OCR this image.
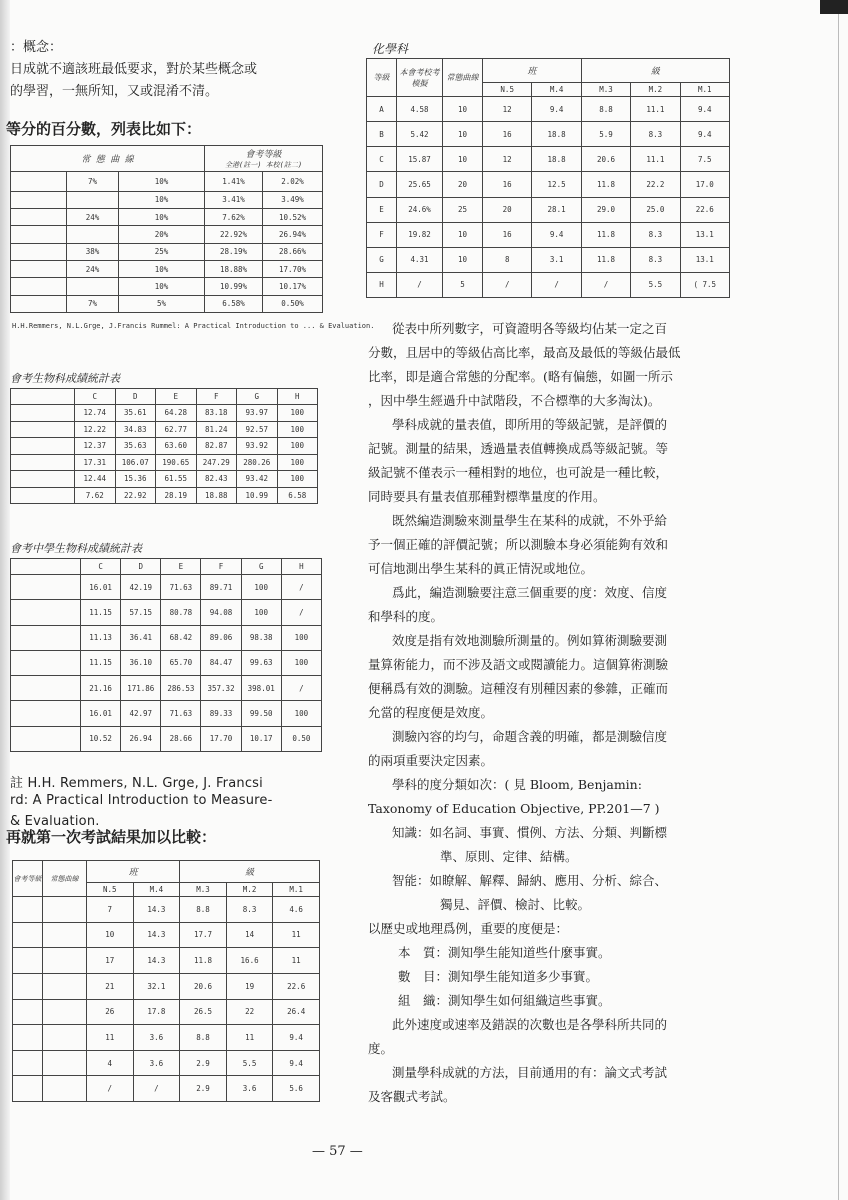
：概念：
日成就不適該班最低要求，對於某些概念或
的學習，一無所知，又或混淆不清。
等分的百分數，列表比如下：
常 態 曲 線			會考等級
全港(註一) 本校(註二)	

	7%	10%	1.41%	2.02%
		10%	3.41%	3.49%
	24%	10%	7.62%	10.52%
		20%	22.92%	26.94%
	38%	25%	28.19%	28.66%
	24%	10%	18.88%	17.70%
		10%	10.99%	10.17%
	7%	5%	6.58%	0.50%
H.H.Remmers, N.L.Grge, J.Francis Rummel: A Practical Introduction to ... & Evaluation.
會考生物科成績統計表
	C	D	E	F	G	H
	12.74	35.61	64.28	83.18	93.97	100
	12.22	34.83	62.77	81.24	92.57	100
	12.37	35.63	63.60	82.87	93.92	100
	17.31	106.07	190.65	247.29	280.26	100
	12.44	15.36	61.55	82.43	93.42	100
	7.62	22.92	28.19	18.88	10.99	6.58
會考中學生物科成績統計表
	C	D	E	F	G	H
	16.01	42.19	71.63	89.71	100	/
	11.15	57.15	80.78	94.08	100	/
	11.13	36.41	68.42	89.06	98.38	100
	11.15	36.10	65.70	84.47	99.63	100
	21.16	171.86	286.53	357.32	398.01	/
	16.01	42.97	71.63	89.33	99.50	100
	10.52	26.94	28.66	17.70	10.17	0.50
註 H.H. Remmers, N.L. Grge, J. Francsi
rd: A Practical Introduction to Measure-
& Evaluation.
再就第一次考試結果加以比較：
會考等級	常態曲線	班		級		
		N.5	M.4	M.3	M.2	M.1
		7	14.3	8.8	8.3	4.6
		10	14.3	17.7	14	11
		17	14.3	11.8	16.6	11
		21	32.1	20.6	19	22.6
		26	17.8	26.5	22	26.4
		11	3.6	8.8	11	9.4
		4	3.6	2.9	5.5	9.4
		/	/	2.9	3.6	5.6
化學科
等級	本會考校考模擬	常態曲線	班		級		
			N.5	M.4	M.3	M.2	M.1
A	4.58	10	12	9.4	8.8	11.1	9.4
B	5.42	10	16	18.8	5.9	8.3	9.4
C	15.87	10	12	18.8	20.6	11.1	7.5
D	25.65	20	16	12.5	11.8	22.2	17.0
E	24.6%	25	20	28.1	29.0	25.0	22.6
F	19.82	10	16	9.4	11.8	8.3	13.1
G	4.31	10	8	3.1	11.8	8.3	13.1
H	/	5	/	/	/	5.5	( 7.5
從表中所列數字，可資證明各等級均佔某一定之百
分數，且居中的等級佔高比率，最高及最低的等級佔最低
比率，即是適合常態的分配率。(略有偏態，如圖一所示
，因中學生經過升中試階段，不合標準的大多淘汰)。
學科成就的量表值，即所用的等級記號，是評價的
記號。測量的結果，透過量表值轉換成爲等級記號。等
級記號不僅表示一種相對的地位，也可說是一種比較，
同時要具有量表值那種對標準量度的作用。
既然編造測驗來測量學生在某科的成就，不外乎給
予一個正確的評價記號；所以測驗本身必須能夠有效和
可信地測出學生某科的眞正情況或地位。
爲此，編造測驗要注意三個重要的度：效度、信度
和學科的度。
效度是指有效地測驗所測量的。例如算術測驗要測
量算術能力，而不涉及語文或閱讀能力。這個算術測驗
便稱爲有效的測驗。這種沒有別種因素的參雜，正確而
允當的程度便是效度。
測驗內容的均勻，命題含義的明確，都是測驗信度
的兩項重要決定因素。
學科的度分類如次：( 見 Bloom, Benjamin:
Taxonomy of Education Objective, PP.201—7 )
知識：如名詞、事實、慣例、方法、分類、判斷標
準、原則、定律、結構。
智能：如瞭解、解釋、歸納、應用、分析、綜合、
獨見、評價、檢討、比較。
以歷史或地理爲例，重要的度便是：
本　質：測知學生能知道些什麼事實。
數　目：測知學生能知道多少事實。
組　織：測知學生如何組織這些事實。
此外速度或速率及錯誤的次數也是各學科所共同的
度。
測量學科成就的方法，目前通用的有：論文式考試
及客觀式考試。
— 57 —
